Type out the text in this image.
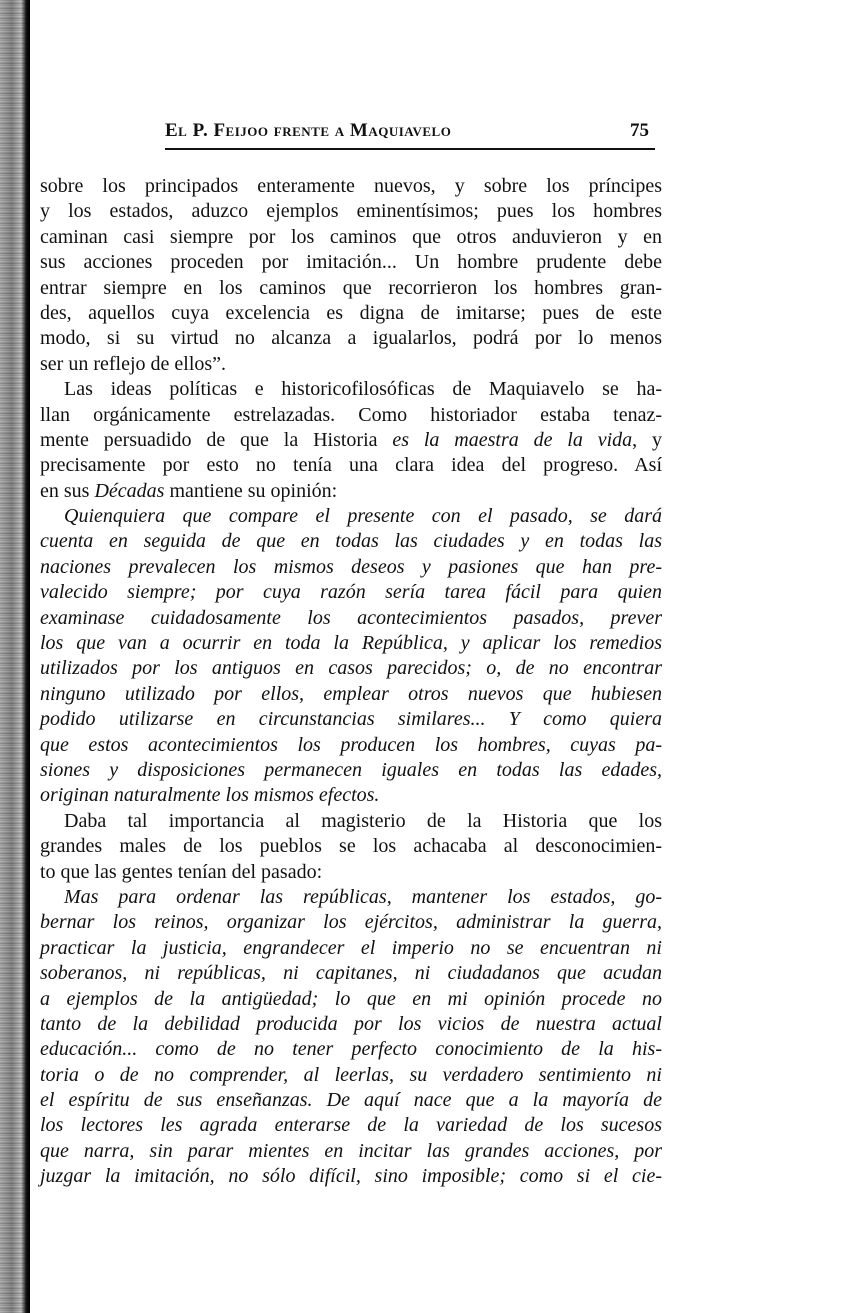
El P. Feijoo frente a Maquiavelo	75
sobre los principados enteramente nuevos, y sobre los príncipes
y los estados, aduzco ejemplos eminentísimos; pues los hombres
caminan casi siempre por los caminos que otros anduvieron y en
sus acciones proceden por imitación... Un hombre prudente debe
entrar siempre en los caminos que recorrieron los hombres gran-
des, aquellos cuya excelencia es digna de imitarse; pues de este
modo, si su virtud no alcanza a igualarlos, podrá por lo menos
ser un reflejo de ellos”.
Las ideas políticas e historicofilosóficas de Maquiavelo se ha-
llan orgánicamente estrelazadas. Como historiador estaba tenaz-
mente persuadido de que la Historia es la maestra de la vida, y
precisamente por esto no tenía una clara idea del progreso. Así
en sus Décadas mantiene su opinión:
Quienquiera que compare el presente con el pasado, se dará
cuenta en seguida de que en todas las ciudades y en todas las
naciones prevalecen los mismos deseos y pasiones que han pre-
valecido siempre; por cuya razón sería tarea fácil para quien
examinase cuidadosamente los acontecimientos pasados, prever
los que van a ocurrir en toda la República, y aplicar los remedios
utilizados por los antiguos en casos parecidos; o, de no encontrar
ninguno utilizado por ellos, emplear otros nuevos que hubiesen
podido utilizarse en circunstancias similares... Y como quiera
que estos acontecimientos los producen los hombres, cuyas pa-
siones y disposiciones permanecen iguales en todas las edades,
originan naturalmente los mismos efectos.
Daba tal importancia al magisterio de la Historia que los
grandes males de los pueblos se los achacaba al desconocimien-
to que las gentes tenían del pasado:
Mas para ordenar las repúblicas, mantener los estados, go-
bernar los reinos, organizar los ejércitos, administrar la guerra,
practicar la justicia, engrandecer el imperio no se encuentran ni
soberanos, ni repúblicas, ni capitanes, ni ciudadanos que acudan
a ejemplos de la antigüedad; lo que en mi opinión procede no
tanto de la debilidad producida por los vicios de nuestra actual
educación... como de no tener perfecto conocimiento de la his-
toria o de no comprender, al leerlas, su verdadero sentimiento ni
el espíritu de sus enseñanzas. De aquí nace que a la mayoría de
los lectores les agrada enterarse de la variedad de los sucesos
que narra, sin parar mientes en incitar las grandes acciones, por
juzgar la imitación, no sólo difícil, sino imposible; como si el cie-
